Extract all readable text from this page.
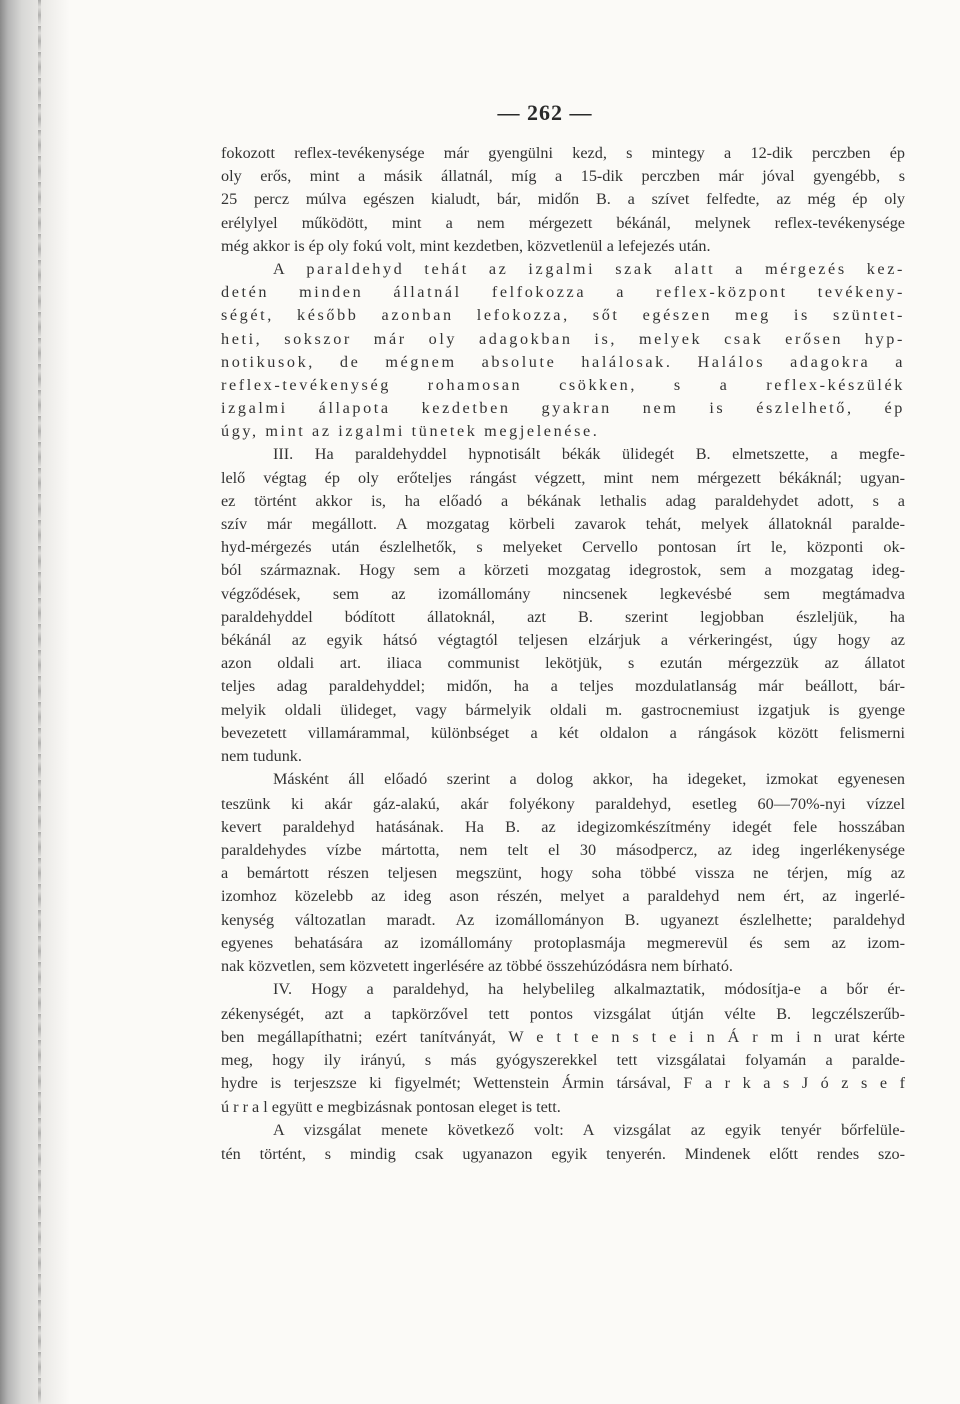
— 262 —
fokozott reflex-tevékenysége már gyengülni kezd, s mintegy a 12-dik perczben ép
oly erős, mint a másik állatnál, míg a 15-dik perczben már jóval gyengébb, s
25 percz múlva egészen kialudt, bár, midőn B. a szívet felfedte, az még ép oly
erélylyel működött, mint a nem mérgezett békánál, melynek reflex-tevékenysége
még akkor is ép oly fokú volt, mint kezdetben, közvetlenül a lefejezés után.
A paraldehyd tehát az izgalmi szak alatt a mérgezés kez-
detén minden állatnál felfokozza a reflex-központ tevékeny-
ségét, később azonban lefokozza, sőt egészen meg is szüntet-
heti, sokszor már oly adagokban is, melyek csak erősen hyp-
notikusok, de mégnem absolute halálosak. Halálos adagokra a
reflex-tevékenység rohamosan csökken, s a reflex-készülék
izgalmi állapota kezdetben gyakran nem is észlelhető, ép
úgy, mint az izgalmi tünetek megjelenése.
III. Ha paraldehyddel hypnotisált békák ülidegét B. elmetszette, a megfe-
lelő végtag ép oly erőteljes rángást végzett, mint nem mérgezett békáknál; ugyan-
ez történt akkor is, ha előadó a békának lethalis adag paraldehydet adott, s a
szív már megállott. A mozgatag körbeli zavarok tehát, melyek állatoknál paralde-
hyd-mérgezés után észlelhetők, s melyeket Cervello pontosan írt le, központi ok-
ból származnak. Hogy sem a körzeti mozgatag idegrostok, sem a mozgatag ideg-
végződések, sem az izomállomány nincsenek legkevésbé sem megtámadva
paraldehyddel bódított állatoknál, azt B. szerint legjobban észleljük, ha
békánál az egyik hátsó végtagtól teljesen elzárjuk a vérkeringést, úgy hogy az
azon oldali art. iliaca communist lekötjük, s ezután mérgezzük az állatot
teljes adag paraldehyddel; midőn, ha a teljes mozdulatlanság már beállott, bár-
melyik oldali ülideget, vagy bármelyik oldali m. gastrocnemiust izgatjuk is gyenge
bevezetett villamárammal, különbséget a két oldalon a rángások között felismerni
nem tudunk.
Másként áll előadó szerint a dolog akkor, ha idegeket, izmokat egyenesen
teszünk ki akár gáz-alakú, akár folyékony paraldehyd, esetleg 60—70%-nyi vízzel
kevert paraldehyd hatásának. Ha B. az idegizomkészítmény idegét fele hosszában
paraldehydes vízbe mártotta, nem telt el 30 másodpercz, az ideg ingerlékenysége
a bemártott részen teljesen megszünt, hogy soha többé vissza ne térjen, míg az
izomhoz közelebb az ideg ason részén, melyet a paraldehyd nem ért, az ingerlé-
kenység változatlan maradt. Az izomállományon B. ugyanezt észlelhette; paraldehyd
egyenes behatására az izomállomány protoplasmája megmerevül és sem az izom-
nak közvetlen, sem közvetett ingerlésére az többé összehúzódásra nem bírható.
IV. Hogy a paraldehyd, ha helybelileg alkalmaztatik, módosítja-e a bőr ér-
zékenységét, azt a tapkörzővel tett pontos vizsgálat útján vélte B. legczélszerűb-
ben megállapíthatni; ezért tanítványát, W e t t e n s t e i n Á r m i n urat kérte
meg, hogy ily irányú, s más gyógyszerekkel tett vizsgálatai folyamán a paralde-
hydre is terjeszsze ki figyelmét; Wettenstein Ármin társával, F a r k a s J ó z s e f
ú r r a l együtt e megbizásnak pontosan eleget is tett.
A vizsgálat menete következő volt: A vizsgálat az egyik tenyér bőrfelüle-
tén történt, s mindig csak ugyanazon egyik tenyerén. Mindenek előtt rendes szo-
